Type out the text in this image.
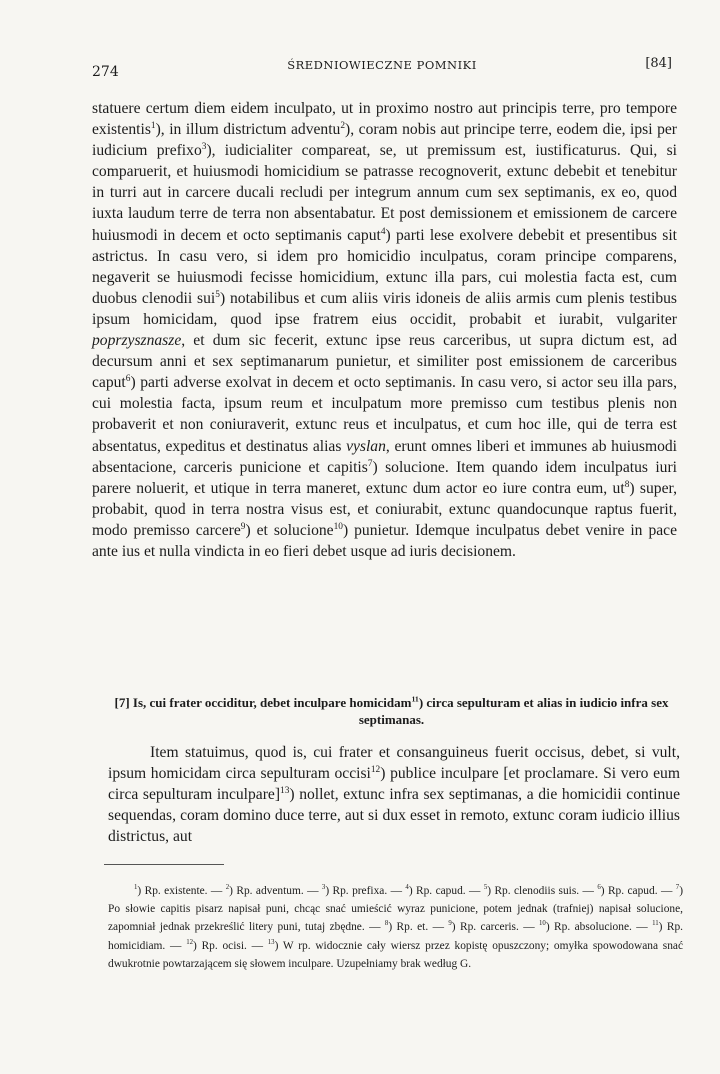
274	ŚREDNIOWIECZNE POMNIKI	[84]

statuere certum diem eidem inculpato, ut in proximo nostro aut principis terre, pro tempore existentis$^1$), in illum districtum adventu$^2$), coram nobis aut principe terre, eodem die, ipsi per iudicium prefixo$^3$), iudicialiter compareat, se, ut premissum est, iustificaturus. Qui, si comparuerit, et huiusmodi homicidium se patrasse recognoverit, extunc debebit et tenebitur in turri aut in carcere ducali recludi per integrum annum cum sex septimanis, ex eo, quod iuxta laudum terre de terra non absentabatur. Et post demissionem et emissionem de carcere huiusmodi in decem et octo septimanis caput$^4$) parti lese exolvere debebit et presentibus sit astrictus. In casu vero, si idem pro homicidio inculpatus, coram principe comparens, negaverit se huiusmodi fecisse homicidium, extunc illa pars, cui molestia facta est, cum duobus clenodii sui$^5$) notabilibus et cum aliis viris idoneis de aliis armis cum plenis testibus ipsum homicidam, quod ipse fratrem eius occidit, probabit et iurabit, vulgariter poprzysznasze, et dum sic fecerit, extunc ipse reus carceribus, ut supra dictum est, ad decursum anni et sex septimanarum punietur, et similiter post emissionem de carceribus caput$^6$) parti adverse exolvat in decem et octo septimanis. In casu vero, si actor seu illa pars, cui molestia facta, ipsum reum et inculpatum more premisso cum testibus plenis non probaverit et non coniuraverit, extunc reus et inculpatus, et cum hoc ille, qui de terra est absentatus, expeditus et destinatus alias vyslan, erunt omnes liberi et immunes ab huiusmodi absentacione, carceris punicione et capitis$^7$) solucione. Item quando idem inculpatus iuri parere noluerit, et utique in terra maneret, extunc dum actor eo iure contra eum, $ut^8$) super, probabit, quod in terra nostra visus est, et coniurabit, extunc quandocunque raptus fuerit, modo premisso carcere$^9$) et solucione$^{10}$) punietur. Idemque inculpatus debet venire in pace ante ius et nulla vindicta in eo fieri debet usque ad iuris decisionem.

[7] Is, cui frater occiditur, debet inculpare homicidam$^{11}$) circa sepulturam et alias in iudicio infra sex septimanas.

Item statuimus, quod is, cui frater et consanguineus fuerit occisus, debet, si vult, ipsum homicidam circa sepulturam occisi$^{12}$) publice inculpare [et proclamare. Si vero eum circa sepulturam inculpare]$^{13}$) nollet, extunc infra sex septimanas, a die homicidii continue sequendas, coram domino duce terre, aut si dux esset in remoto, extunc coram iudicio illius districtus, aut

$^1$) Rp. existente. — $^2$) Rp. adventum. — $^3$) Rp. prefixa. — $^4$) Rp. capud. — $^5$) Rp. clenodiis suis. — $^6$) Rp. capud. — $^7$) Po słowie capitis pisarz napisał puni, chcąc snać umieścić wyraz punicione, potem jednak (trafniej) napisał solucione, zapomniał jednak przekreślić litery puni, tutaj zbędne. — $^8$) Rp. et. — $^9$) Rp. carceris. — $^{10}$) Rp. absolucione. — $^{11}$) Rp. homicidiam. — $^{12}$) Rp. ocisi. — $^{13}$) W rp. widocznie cały wiersz przez kopistę opuszczony; omyłka spowodowana snać dwukrotnie powtarzającem się słowem inculpare. Uzupełniamy brak według G.
